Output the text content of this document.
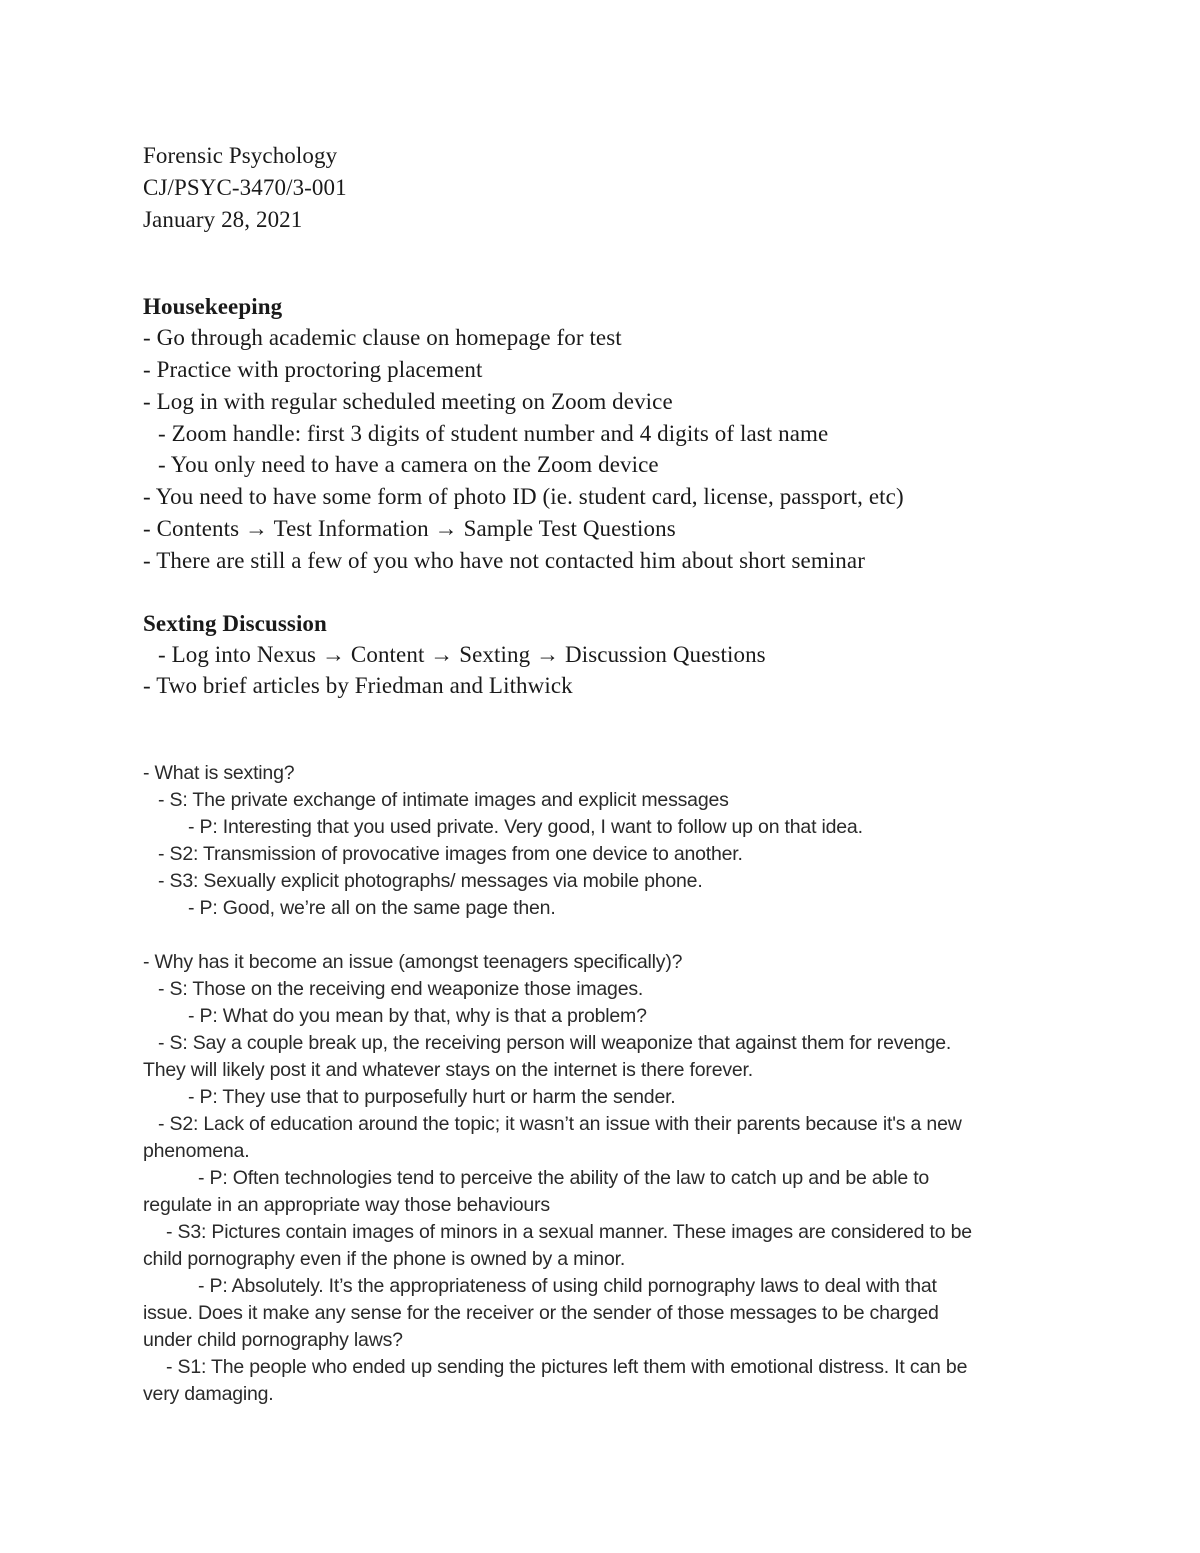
Forensic Psychology
CJ/PSYC-3470/3-001
January 28, 2021
Housekeeping
- Go through academic clause on homepage for test
- Practice with proctoring placement
- Log in with regular scheduled meeting on Zoom device
- Zoom handle: first 3 digits of student number and 4 digits of last name
- You only need to have a camera on the Zoom device
- You need to have some form of photo ID (ie. student card, license, passport, etc)
- Contents → Test Information → Sample Test Questions
- There are still a few of you who have not contacted him about short seminar
Sexting Discussion
- Log into Nexus → Content → Sexting → Discussion Questions
- Two brief articles by Friedman and Lithwick
- What is sexting?
- S: The private exchange of intimate images and explicit messages
- P: Interesting that you used private. Very good, I want to follow up on that idea.
- S2: Transmission of provocative images from one device to another.
- S3: Sexually explicit photographs/ messages via mobile phone.
- P: Good, we’re all on the same page then.
- Why has it become an issue (amongst teenagers specifically)?
- S: Those on the receiving end weaponize those images.
- P: What do you mean by that, why is that a problem?
- S: Say a couple break up, the receiving person will weaponize that against them for revenge.
They will likely post it and whatever stays on the internet is there forever.
- P: They use that to purposefully hurt or harm the sender.
- S2: Lack of education around the topic; it wasn’t an issue with their parents because it's a new
phenomena.
- P: Often technologies tend to perceive the ability of the law to catch up and be able to
regulate in an appropriate way those behaviours
- S3: Pictures contain images of minors in a sexual manner. These images are considered to be
child pornography even if the phone is owned by a minor.
- P: Absolutely. It’s the appropriateness of using child pornography laws to deal with that
issue. Does it make any sense for the receiver or the sender of those messages to be charged
under child pornography laws?
- S1: The people who ended up sending the pictures left them with emotional distress. It can be
very damaging.
